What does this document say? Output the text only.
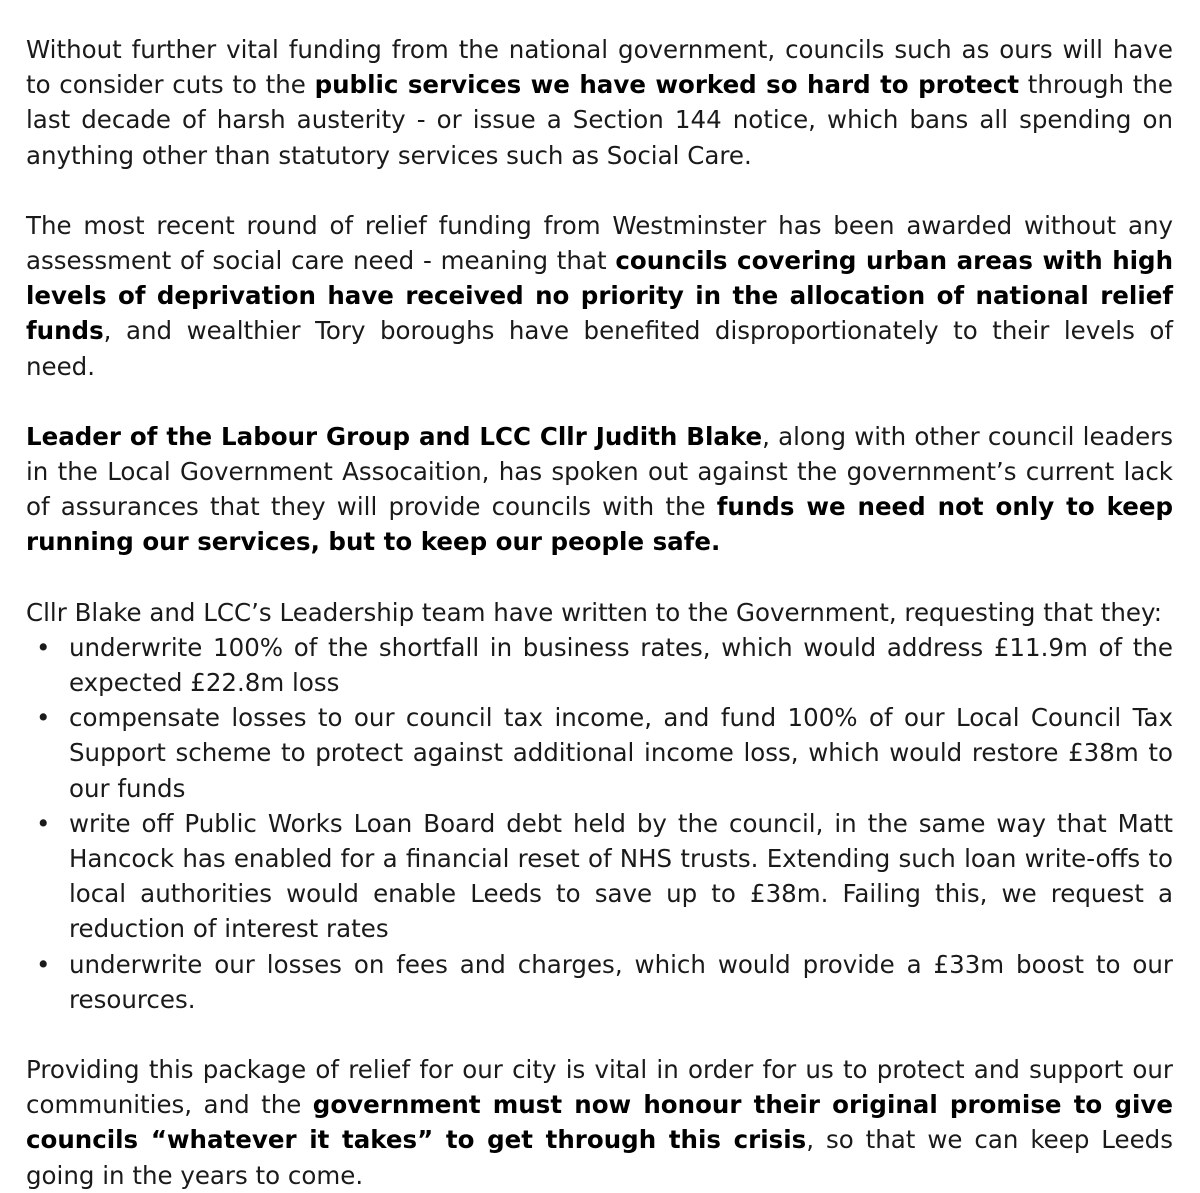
Without further vital funding from the national government, councils such as ours will have to consider cuts to the public services we have worked so hard to protect through the last decade of harsh austerity - or issue a Section 144 notice, which bans all spending on anything other than statutory services such as Social Care.

The most recent round of relief funding from Westminster has been awarded without any assessment of social care need - meaning that councils covering urban areas with high levels of deprivation have received no priority in the allocation of national relief funds, and wealthier Tory boroughs have benefited disproportionately to their levels of need.

Leader of the Labour Group and LCC Cllr Judith Blake, along with other council leaders in the Local Government Assocaition, has spoken out against the government’s current lack of assurances that they will provide councils with the funds we need not only to keep running our services, but to keep our people safe.

Cllr Blake and LCC’s Leadership team have written to the Government, requesting that they:

• underwrite 100% of the shortfall in business rates, which would address £11.9m of the expected £22.8m loss
• compensate losses to our council tax income, and fund 100% of our Local Council Tax Support scheme to protect against additional income loss, which would restore £38m to our funds
• write off Public Works Loan Board debt held by the council, in the same way that Matt Hancock has enabled for a financial reset of NHS trusts. Extending such loan write-offs to local authorities would enable Leeds to save up to £38m. Failing this, we request a reduction of interest rates
• underwrite our losses on fees and charges, which would provide a £33m boost to our resources.

Providing this package of relief for our city is vital in order for us to protect and support our communities, and the government must now honour their original promise to give councils “whatever it takes” to get through this crisis, so that we can keep Leeds going in the years to come.
